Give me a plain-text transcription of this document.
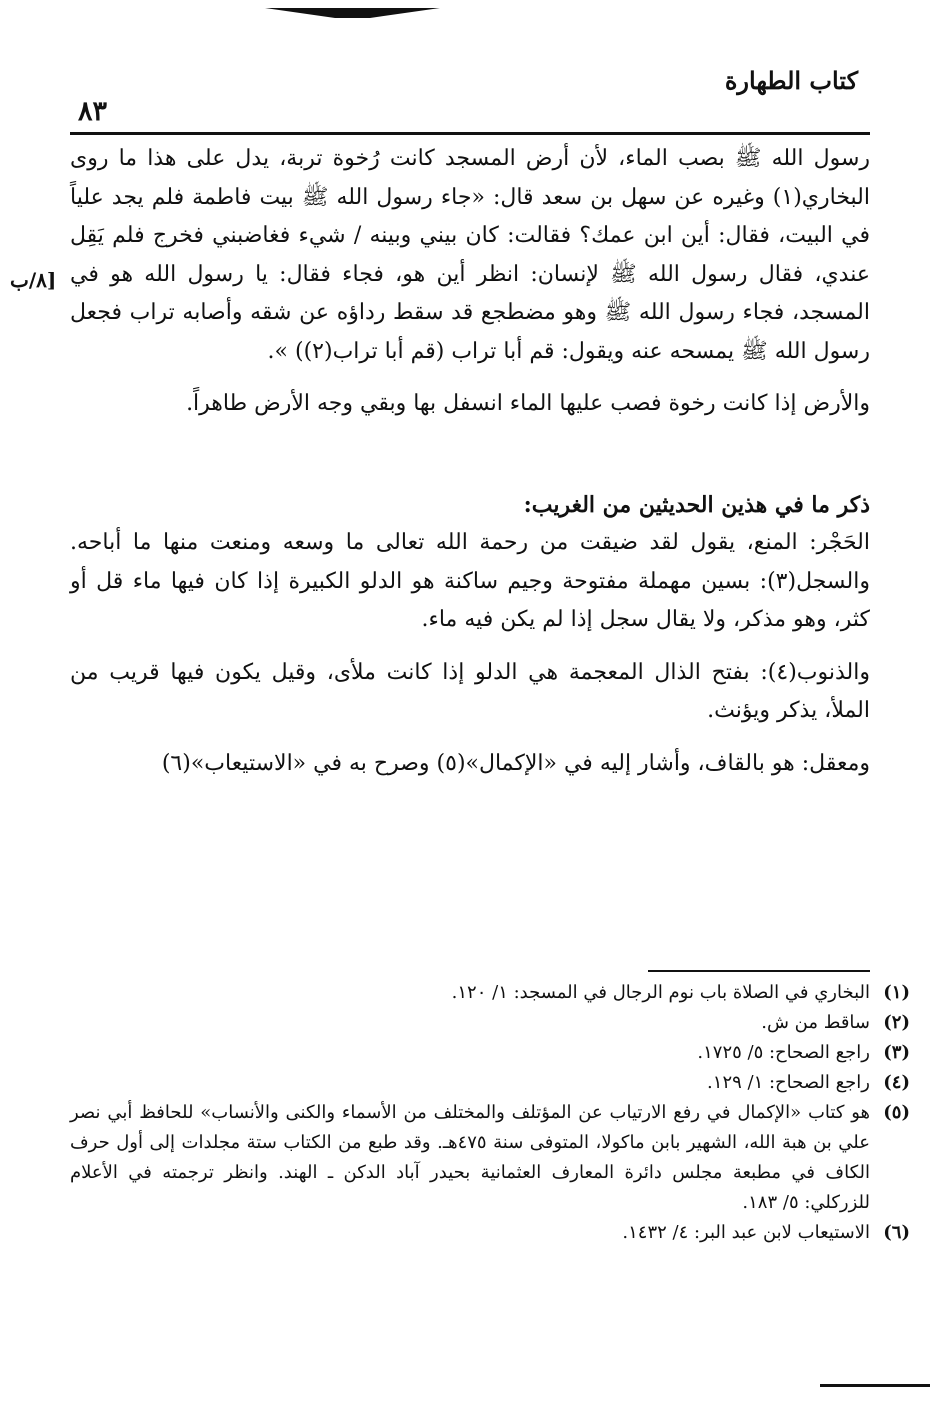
كتاب الطهارة
٨٣
[٨/ب

رسول الله ﷺ بصب الماء، لأن أرض المسجد كانت رُخوة تربة، يدل على هذا ما روى البخاري(١) وغيره عن سهل بن سعد قال: «جاء رسول الله ﷺ بيت فاطمة فلم يجد علياً في البيت، فقال: أين ابن عمك؟ فقالت: كان بيني وبينه / شيء فغاضبني فخرج فلم يَقِل عندي، فقال رسول الله ﷺ لإنسان: انظر أين هو، فجاء فقال: يا رسول الله هو في المسجد، فجاء رسول الله ﷺ وهو مضطجع قد سقط رداؤه عن شقه وأصابه تراب فجعل رسول الله ﷺ يمسحه عنه ويقول: قم أبا تراب (قم أبا تراب(٢)) ».

والأرض إذا كانت رخوة فصب عليها الماء انسفل بها وبقي وجه الأرض طاهراً.

ذكر ما في هذين الحديثين من الغريب:

الحَجْر: المنع، يقول لقد ضيقت من رحمة الله تعالى ما وسعه ومنعت منها ما أباحه. والسجل(٣): بسين مهملة مفتوحة وجيم ساكنة هو الدلو الكبيرة إذا كان فيها ماء قل أو كثر، وهو مذكر، ولا يقال سجل إذا لم يكن فيه ماء.

والذنوب(٤): بفتح الذال المعجمة هي الدلو إذا كانت ملأى، وقيل يكون فيها قريب من الملأ، يذكر ويؤنث.

ومعقل: هو بالقاف، وأشار إليه في «الإكمال»(٥) وصرح به في «الاستيعاب»(٦)

(١)
البخاري في الصلاة باب نوم الرجال في المسجد: ١/ ١٢٠.
(٢)
ساقط من ش.
(٣)
راجع الصحاح: ٥/ ١٧٢٥.
(٤)
راجع الصحاح: ١/ ١٢٩.
(٥)
هو كتاب «الإكمال في رفع الارتياب عن المؤتلف والمختلف من الأسماء والكنى والأنساب» للحافظ أبي نصر علي بن هبة الله، الشهير بابن ماكولا، المتوفى سنة ٤٧٥هـ. وقد طبع من الكتاب ستة مجلدات إلى أول حرف الكاف في مطبعة مجلس دائرة المعارف العثمانية بحيدر آباد الدكن ـ الهند. وانظر ترجمته في الأعلام للزركلي: ٥/ ١٨٣.
(٦)
الاستيعاب لابن عبد البر: ٤/ ١٤٣٢.
